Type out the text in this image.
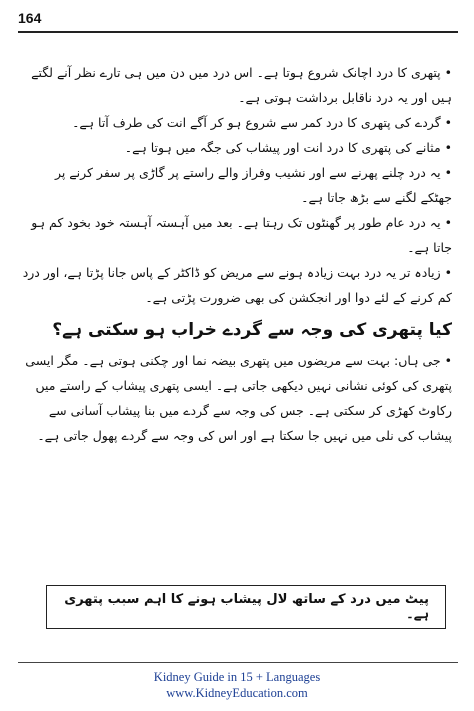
164

• پتھری کا درد اچانک شروع ہوتا ہے۔ اس درد میں دن میں ہی تارے نظر آنے لگتے ہیں اور یہ درد ناقابل برداشت ہوتی ہے۔

• گردے کی پتھری کا درد کمر سے شروع ہو کر آگے انت کی طرف آتا ہے۔

• مثانے کی پتھری کا درد انت اور پیشاب کی جگہ میں ہوتا ہے۔

• یہ درد چلنے پھرنے سے اور نشیب وفراز والے راستے پر گاڑی پر سفر کرنے پر جھٹکے لگنے سے بڑھ جاتا ہے۔

• یہ درد عام طور پر گھنٹوں تک رہتا ہے۔ بعد میں آہستہ آہستہ خود بخود کم ہو جاتا ہے۔

• زیادہ تر یہ درد بہت زیادہ ہونے سے مریض کو ڈاکٹر کے پاس جانا پڑتا ہے، اور درد کم کرنے کے لئے دوا اور انجکشن کی بھی ضرورت پڑتی ہے۔

کیا پتھری کی وجہ سے گردے خراب ہو سکتی ہے؟

• جی ہاں: بہت سے مریضوں میں پتھری بیضہ نما اور چکنی ہوتی ہے۔ مگر ایسی پتھری کی کوئی نشانی نہیں دیکھی جاتی ہے۔ ایسی پتھری پیشاب کے راستے میں رکاوٹ کھڑی کر سکتی ہے۔ جس کی وجہ سے گردے میں بنا پیشاب آسانی سے پیشاب کی نلی میں نہیں جا سکتا ہے اور اس کی وجہ سے گردے پھول جاتی ہے۔

پیٹ میں درد کے ساتھ لال پیشاب ہونے کا اہم سبب پتھری ہے۔
Kidney Guide in 15 + Languages
www.KidneyEducation.com
